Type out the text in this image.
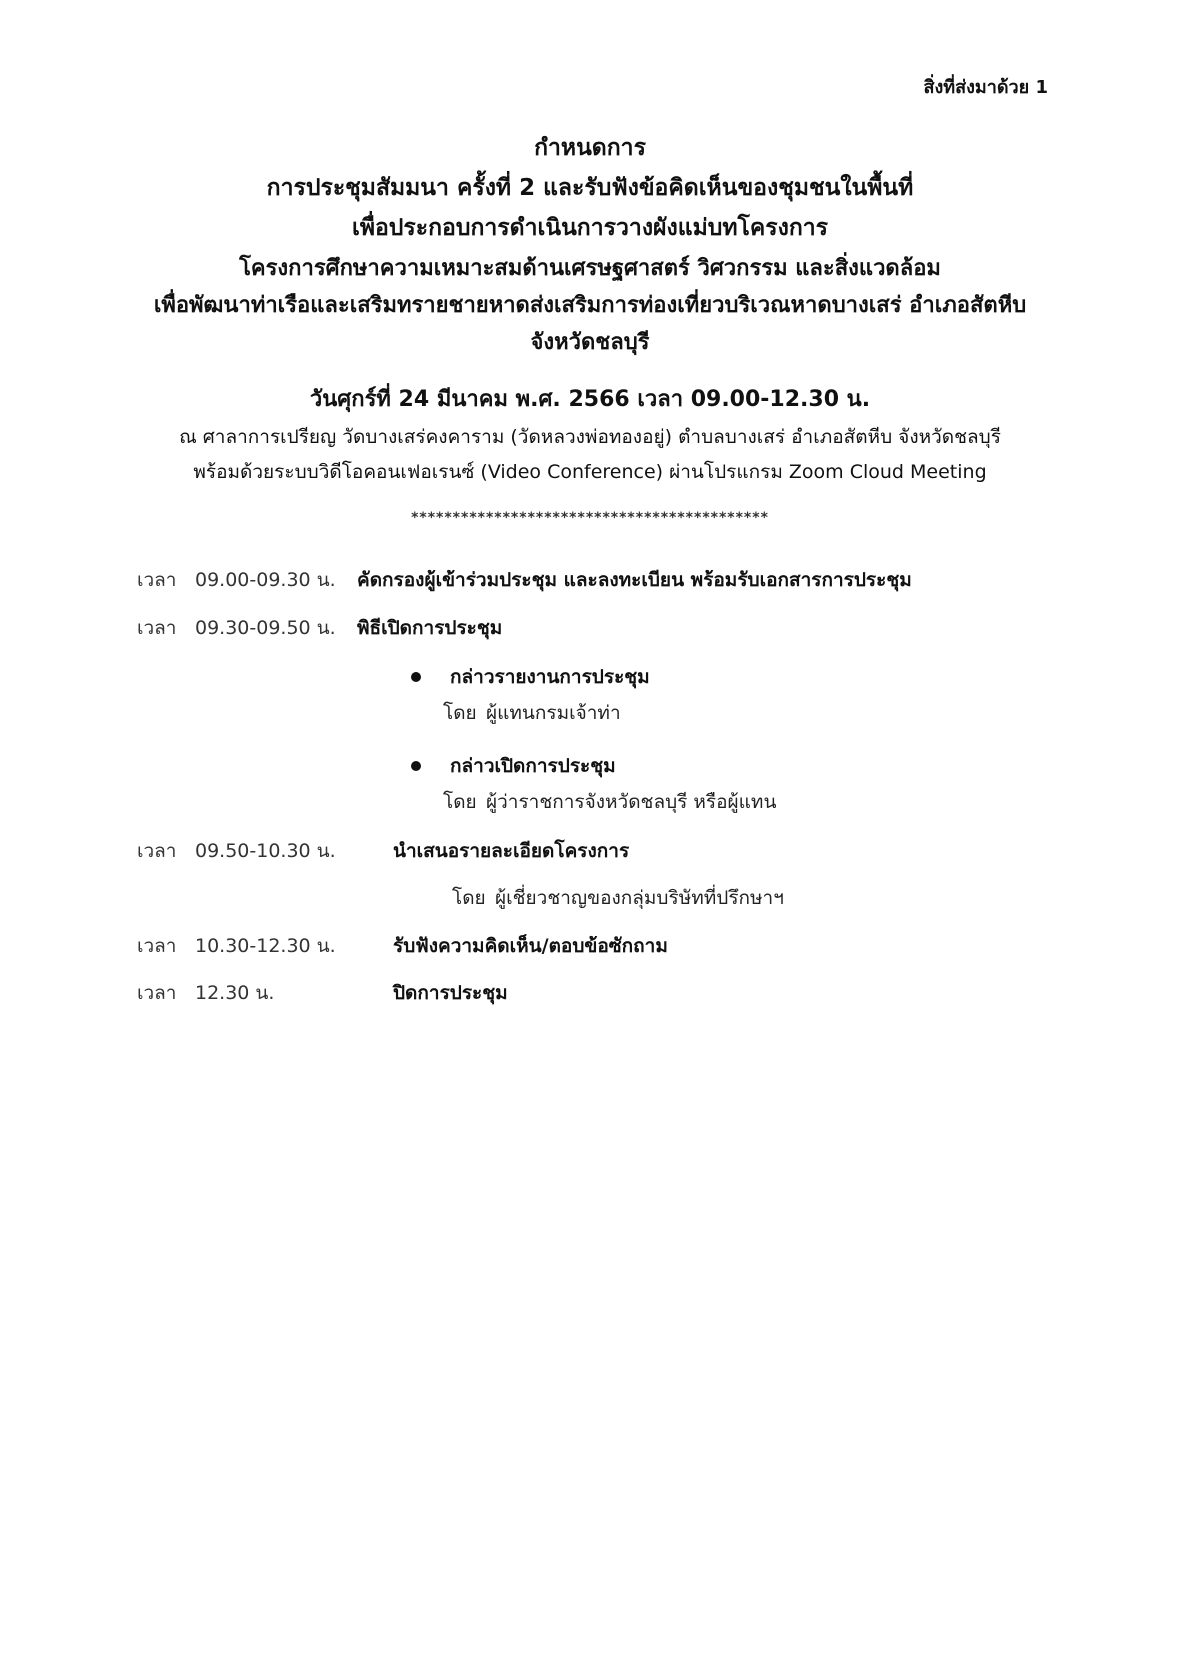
สิ่งที่ส่งมาด้วย 1
กำหนดการ
การประชุมสัมมนา ครั้งที่ 2 และรับฟังข้อคิดเห็นของชุมชนในพื้นที่
เพื่อประกอบการดำเนินการวางผังแม่บทโครงการ
โครงการศึกษาความเหมาะสมด้านเศรษฐศาสตร์ วิศวกรรม และสิ่งแวดล้อม
เพื่อพัฒนาท่าเรือและเสริมทรายชายหาดส่งเสริมการท่องเที่ยวบริเวณหาดบางเสร่ อำเภอสัตหีบ
จังหวัดชลบุรี
วันศุกร์ที่ 24 มีนาคม พ.ศ. 2566 เวลา 09.00-12.30 น.
ณ ศาลาการเปรียญ วัดบางเสร่คงคาราม (วัดหลวงพ่อทองอยู่) ตำบลบางเสร่ อำเภอสัตหีบ จังหวัดชลบุรี
พร้อมด้วยระบบวิดีโอคอนเฟอเรนซ์ (Video Conference) ผ่านโปรแกรม Zoom Cloud Meeting
*******************************************
เวลา 09.00-09.30 น. คัดกรองผู้เข้าร่วมประชุม และลงทะเบียน พร้อมรับเอกสารการประชุม
เวลา 09.30-09.50 น. พิธีเปิดการประชุม
กล่าวรายงานการประชุม
โดย ผู้แทนกรมเจ้าท่า
กล่าวเปิดการประชุม
โดย ผู้ว่าราชการจังหวัดชลบุรี หรือผู้แทน
เวลา 09.50-10.30 น.	นำเสนอรายละเอียดโครงการ
โดย ผู้เชี่ยวชาญของกลุ่มบริษัทที่ปรึกษาฯ
เวลา 10.30-12.30 น.	รับฟังความคิดเห็น/ตอบข้อซักถาม
เวลา 12.30 น.	ปิดการประชุม
